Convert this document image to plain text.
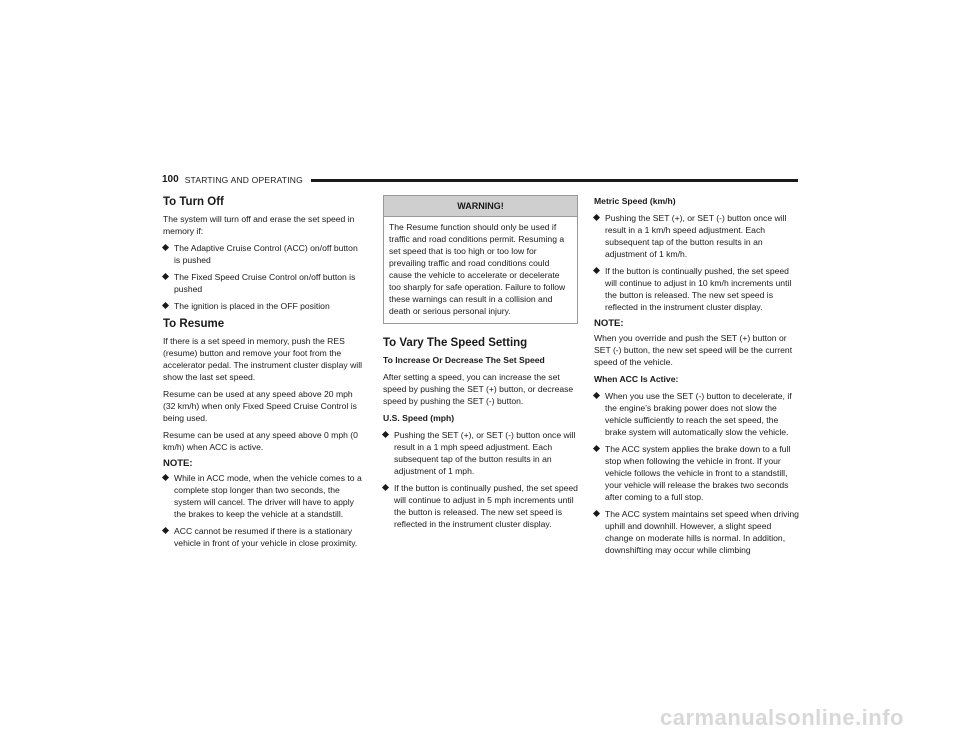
100 STARTING AND OPERATING
To Turn Off

The system will turn off and erase the set speed in memory if:

The Adaptive Cruise Control (ACC) on/off button is pushed
The Fixed Speed Cruise Control on/off button is pushed
The ignition is placed in the OFF position
To Resume

If there is a set speed in memory, push the RES (resume) button and remove your foot from the accelerator pedal. The instrument cluster display will show the last set speed.

Resume can be used at any speed above 20 mph (32 km/h) when only Fixed Speed Cruise Control is being used.

Resume can be used at any speed above 0 mph (0 km/h) when ACC is active.

NOTE:
While in ACC mode, when the vehicle comes to a complete stop longer than two seconds, the system will cancel. The driver will have to apply the brakes to keep the vehicle at a standstill.
ACC cannot be resumed if there is a stationary vehicle in front of your vehicle in close proximity.
WARNING!
The Resume function should only be used if traffic and road conditions permit. Resuming a set speed that is too high or too low for prevailing traffic and road conditions could cause the vehicle to accelerate or decelerate too sharply for safe operation. Failure to follow these warnings can result in a collision and death or serious personal injury.
To Vary The Speed Setting
To Increase Or Decrease The Set Speed

After setting a speed, you can increase the set speed by pushing the SET (+) button, or decrease speed by pushing the SET (-) button.

U.S. Speed (mph)
Pushing the SET (+), or SET (-) button once will result in a 1 mph speed adjustment. Each subsequent tap of the button results in an adjustment of 1 mph.
If the button is continually pushed, the set speed will continue to adjust in 5 mph increments until the button is released. The new set speed is reflected in the instrument cluster display.
Metric Speed (km/h)
Pushing the SET (+), or SET (-) button once will result in a 1 km/h speed adjustment. Each subsequent tap of the button results in an adjustment of 1 km/h.
If the button is continually pushed, the set speed will continue to adjust in 10 km/h increments until the button is released. The new set speed is reflected in the instrument cluster display.
NOTE:

When you override and push the SET (+) button or SET (-) button, the new set speed will be the current speed of the vehicle.

When ACC Is Active:
When you use the SET (-) button to decelerate, if the engine’s braking power does not slow the vehicle sufficiently to reach the set speed, the brake system will automatically slow the vehicle.
The ACC system applies the brake down to a full stop when following the vehicle in front. If your vehicle follows the vehicle in front to a standstill, your vehicle will release the brakes two seconds after coming to a full stop.
The ACC system maintains set speed when driving uphill and downhill. However, a slight speed change on moderate hills is normal. In addition, downshifting may occur while climbing
carmanualsonline.info
